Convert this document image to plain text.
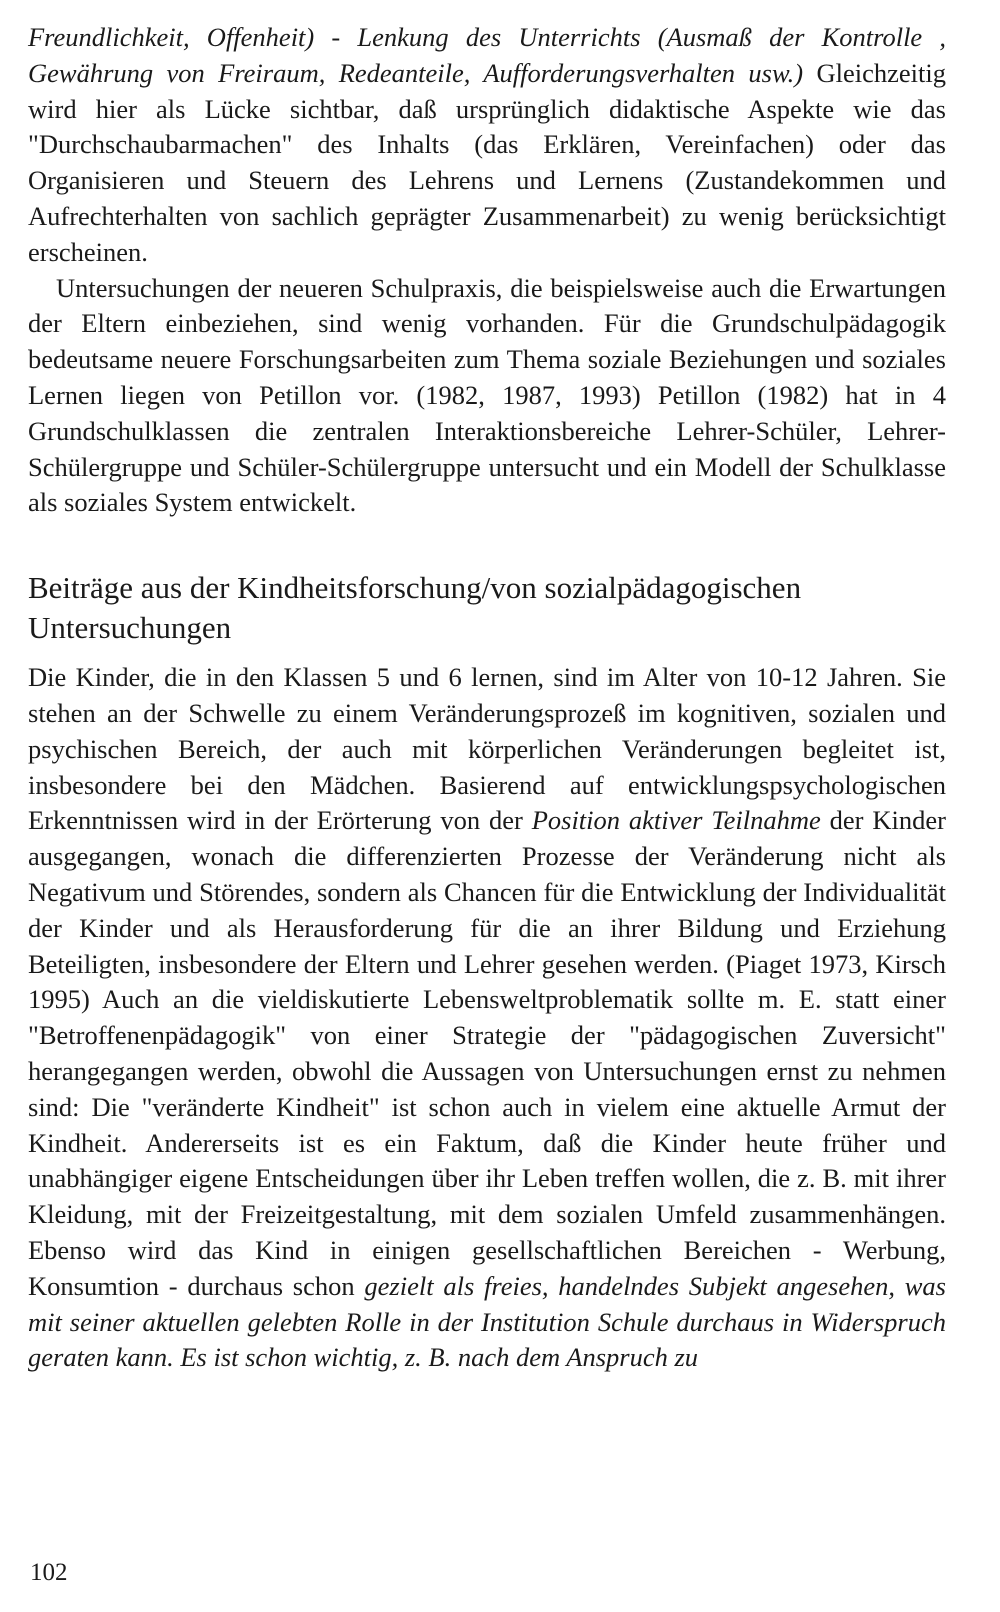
Freundlichkeit, Offenheit) - Lenkung des Unterrichts (Ausmaß der Kontrolle , Gewährung von Freiraum, Redeanteile, Aufforderungsverhalten usw.) Gleichzeitig wird hier als Lücke sichtbar, daß ursprünglich didaktische Aspekte wie das "Durchschaubarmachen" des Inhalts (das Erklären, Vereinfachen) oder das Organisieren und Steuern des Lehrens und Lernens (Zustandekommen und Aufrechterhalten von sachlich geprägter Zusammenarbeit) zu wenig berücksichtigt erscheinen.

Untersuchungen der neueren Schulpraxis, die beispielsweise auch die Erwartungen der Eltern einbeziehen, sind wenig vorhanden. Für die Grundschulpädagogik bedeutsame neuere Forschungsarbeiten zum Thema soziale Beziehungen und soziales Lernen liegen von Petillon vor. (1982, 1987, 1993) Petillon (1982) hat in 4 Grundschulklassen die zentralen Interaktionsbereiche Lehrer-Schüler, Lehrer-Schülergruppe und Schüler-Schülergruppe untersucht und ein Modell der Schulklasse als soziales System entwickelt.

Beiträge aus der Kindheitsforschung/von sozialpädagogischen Untersuchungen

Die Kinder, die in den Klassen 5 und 6 lernen, sind im Alter von 10-12 Jahren. Sie stehen an der Schwelle zu einem Veränderungsprozeß im kognitiven, sozialen und psychischen Bereich, der auch mit körperlichen Veränderungen begleitet ist, insbesondere bei den Mädchen. Basierend auf entwicklungspsychologischen Erkenntnissen wird in der Erörterung von der Position aktiver Teilnahme der Kinder ausgegangen, wonach die differenzierten Prozesse der Veränderung nicht als Negativum und Störendes, sondern als Chancen für die Entwicklung der Individualität der Kinder und als Herausforderung für die an ihrer Bildung und Erziehung Beteiligten, insbesondere der Eltern und Lehrer gesehen werden. (Piaget 1973, Kirsch 1995) Auch an die vieldiskutierte Lebensweltproblematik sollte m. E. statt einer "Betroffenenpädagogik" von einer Strategie der "pädagogischen Zuversicht" herangegangen werden, obwohl die Aussagen von Untersuchungen ernst zu nehmen sind: Die "veränderte Kindheit" ist schon auch in vielem eine aktuelle Armut der Kindheit. Andererseits ist es ein Faktum, daß die Kinder heute früher und unabhängiger eigene Entscheidungen über ihr Leben treffen wollen, die z. B. mit ihrer Kleidung, mit der Freizeitgestaltung, mit dem sozialen Umfeld zusammenhängen. Ebenso wird das Kind in einigen gesellschaftlichen Bereichen - Werbung, Konsumtion - durchaus schon gezielt als freies, handelndes Subjekt angesehen, was mit seiner aktuellen gelebten Rolle in der Institution Schule durchaus in Widerspruch geraten kann. Es ist schon wichtig, z. B. nach dem Anspruch zu

102
